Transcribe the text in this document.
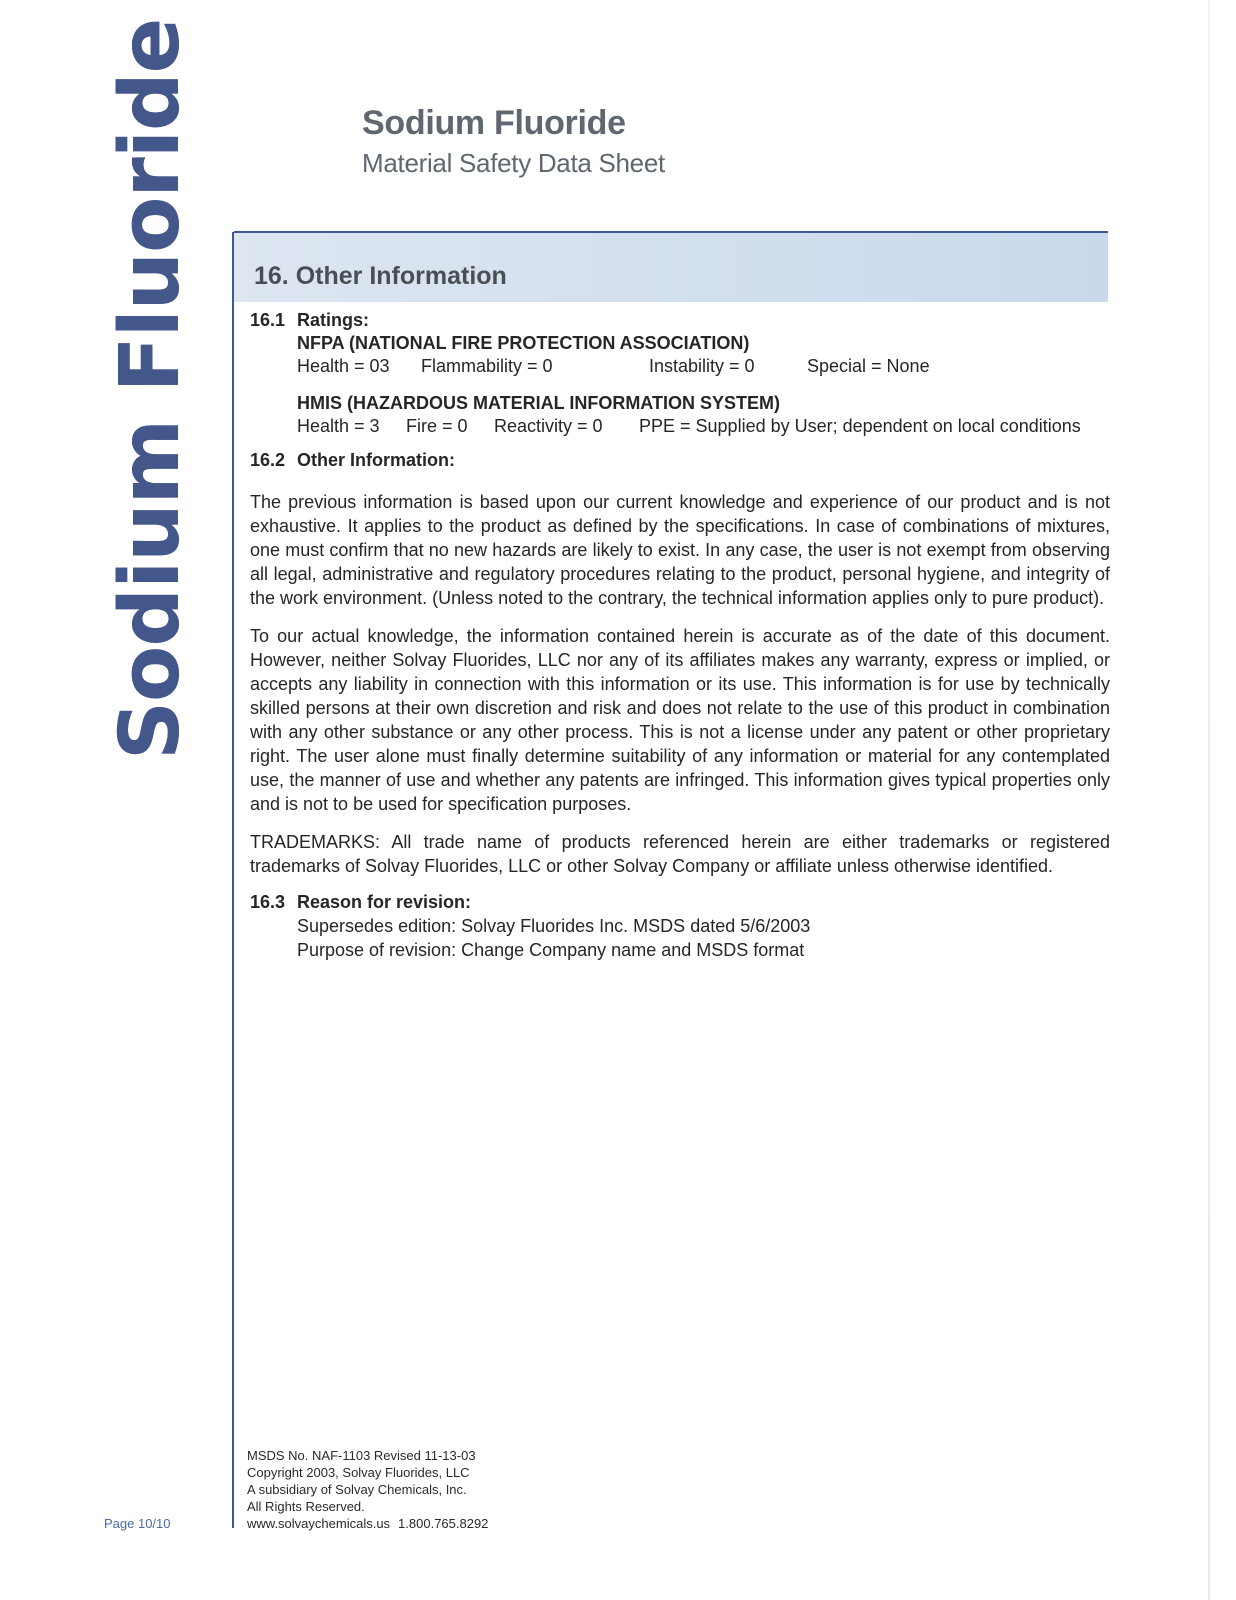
Sodium Fluoride
Page 10/10
Sodium Fluoride
Material Safety Data Sheet
16. Other Information
16.1 Ratings:
NFPA (NATIONAL FIRE PROTECTION ASSOCIATION)
Health = 03	Flammability = 0	Instability = 0	Special = None
HMIS (HAZARDOUS MATERIAL INFORMATION SYSTEM)
Health = 3	Fire = 0	Reactivity = 0	PPE = Supplied by User; dependent on local conditions
16.2 Other Information:

The previous information is based upon our current knowledge and experience of our product and is not exhaustive. It applies to the product as defined by the specifications. In case of combinations of mixtures, one must confirm that no new hazards are likely to exist. In any case, the user is not exempt from observing all legal, administrative and regulatory procedures relating to the product, personal hygiene, and integrity of the work environment. (Unless noted to the contrary, the technical information applies only to pure product).

To our actual knowledge, the information contained herein is accurate as of the date of this document. However, neither Solvay Fluorides, LLC nor any of its affiliates makes any warranty, express or implied, or accepts any liability in connection with this information or its use. This information is for use by technically skilled persons at their own discretion and risk and does not relate to the use of this product in combination with any other substance or any other process. This is not a license under any patent or other proprietary right. The user alone must finally determine suitability of any information or material for any contemplated use, the manner of use and whether any patents are infringed. This information gives typical properties only and is not to be used for specification purposes.

TRADEMARKS: All trade name of products referenced herein are either trademarks or registered trademarks of Solvay Fluorides, LLC or other Solvay Company or affiliate unless otherwise identified.

16.3 Reason for revision:
Supersedes edition: Solvay Fluorides Inc. MSDS dated 5/6/2003
Purpose of revision: Change Company name and MSDS format
MSDS No. NAF-1103 Revised 11-13-03
Copyright 2003, Solvay Fluorides, LLC
A subsidiary of Solvay Chemicals, Inc.
All Rights Reserved.
www.solvaychemicals.us 1.800.765.8292
